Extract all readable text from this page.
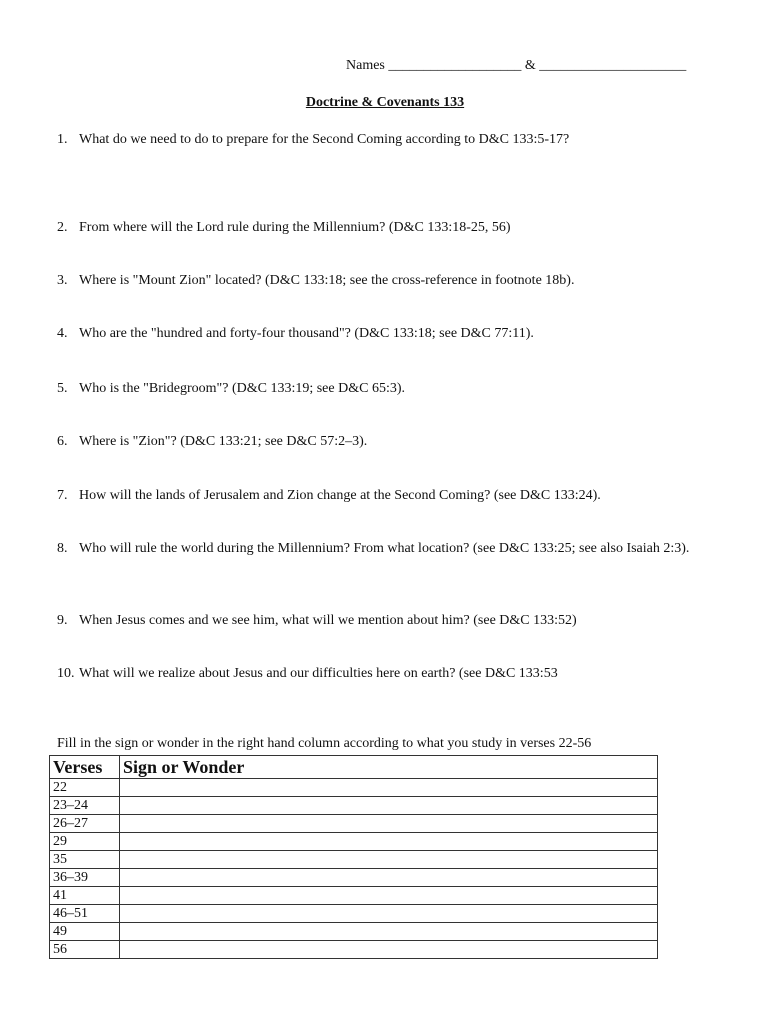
Names ___________________ & _____________________
Doctrine & Covenants 133
1. What do we need to do to prepare for the Second Coming according to D&C 133:5-17?
2. From where will the Lord rule during the Millennium? (D&C 133:18-25, 56)
3. Where is "Mount Zion" located? (D&C 133:18; see the cross-reference in footnote 18b).
4. Who are the "hundred and forty-four thousand"? (D&C 133:18; see D&C 77:11).
5. Who is the "Bridegroom"? (D&C 133:19; see D&C 65:3).
6. Where is "Zion"? (D&C 133:21; see D&C 57:2–3).
7. How will the lands of Jerusalem and Zion change at the Second Coming? (see D&C 133:24).
8. Who will rule the world during the Millennium? From what location? (see D&C 133:25; see also Isaiah 2:3).
9. When Jesus comes and we see him, what will we mention about him? (see D&C 133:52)
10. What will we realize about Jesus and our difficulties here on earth? (see D&C 133:53
Fill in the sign or wonder in the right hand column according to what you study in verses 22-56
Verses	Sign or Wonder
22	
23–24	
26–27	
29	
35	
36–39	
41	
46–51	
49	
56	
